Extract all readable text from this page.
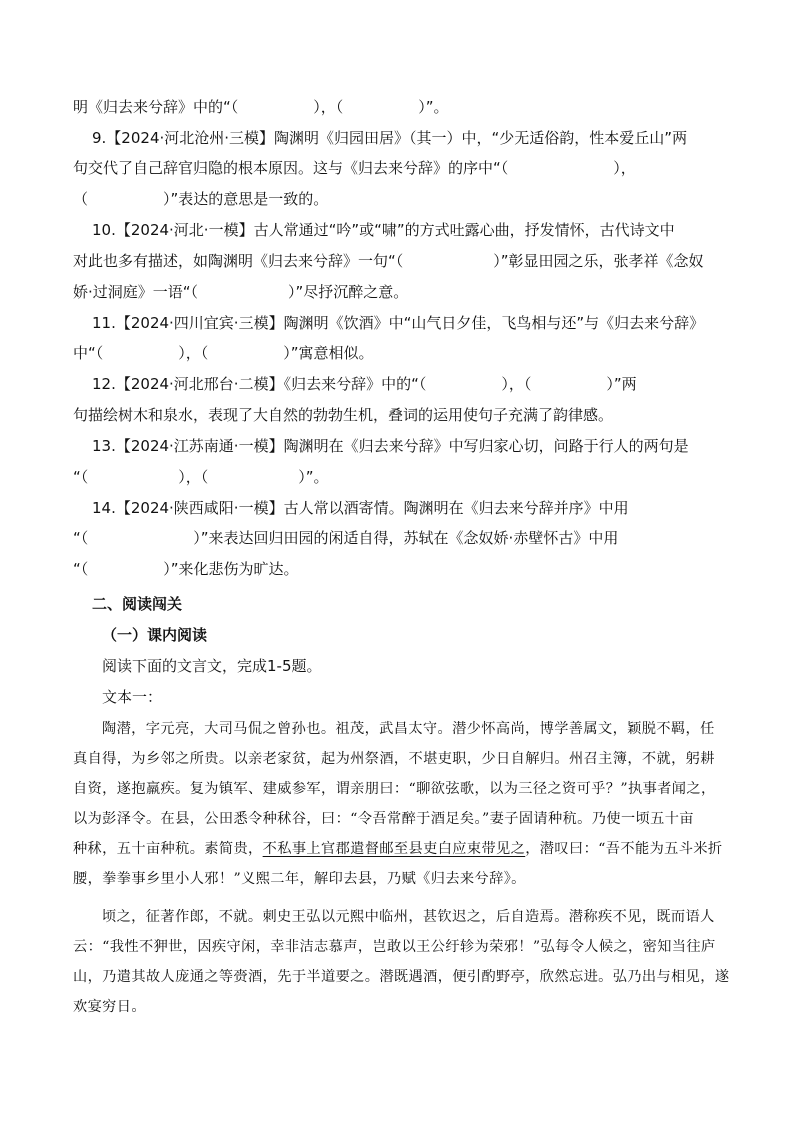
明《归去来兮辞》中的“（　　　　　），（　　　　　）”。
9.【2024·河北沧州·三模】陶渊明《归园田居》（其一）中，“少无适俗韵，性本爱丘山”两
句交代了自己辞官归隐的根本原因。这与《归去来兮辞》的序中“（　　　　　　　），
（　　　　　）”表达的意思是一致的。
10.【2024·河北·一模】古人常通过“吟”或“啸”的方式吐露心曲，抒发情怀，古代诗文中
对此也多有描述，如陶渊明《归去来兮辞》一句“（　　　　　　）”彰显田园之乐，张孝祥《念奴
娇·过洞庭》一语“（　　　　　　）”尽抒沉醉之意。
11.【2024·四川宜宾·三模】陶渊明《饮酒》中“山气日夕佳，飞鸟相与还”与《归去来兮辞》
中“（　　　　　），（　　　　　）”寓意相似。
12.【2024·河北邢台·二模】《归去来兮辞》中的“（　　　　　），（　　　　　）”两
句描绘树木和泉水，表现了大自然的勃勃生机，叠词的运用使句子充满了韵律感。
13.【2024·江苏南通·一模】陶渊明在《归去来兮辞》中写归家心切，问路于行人的两句是
“（　　　　　　），（　　　　　　）”。
14.【2024·陕西咸阳·一模】古人常以酒寄情。陶渊明在《归去来兮辞并序》中用
“（　　　　　　　）”来表达回归田园的闲适自得，苏轼在《念奴娇·赤壁怀古》中用
“（　　　　　）”来化悲伤为旷达。
二、阅读闯关
（一）课内阅读
阅读下面的文言文，完成1-5题。
文本一：
陶潜，字元亮，大司马侃之曾孙也。祖茂，武昌太守。潜少怀高尚，博学善属文，颖脱不羁，任
真自得，为乡邻之所贵。以亲老家贫，起为州祭酒，不堪吏职，少日自解归。州召主簿，不就，躬耕
自资，遂抱羸疾。复为镇军、建威参军，谓亲朋曰：“聊欲弦歌，以为三径之资可乎？”执事者闻之，
以为彭泽令。在县，公田悉令种秫谷，曰：“令吾常醉于酒足矣。”妻子固请种秔。乃使一顷五十亩
种秫，五十亩种秔。素简贵，不私事上官郡遣督邮至县吏白应束带见之，潜叹曰：“吾不能为五斗米折
腰，拳拳事乡里小人邪！”义熙二年，解印去县，乃赋《归去来兮辞》。
顷之，征著作郎，不就。刺史王弘以元熙中临州，甚钦迟之，后自造焉。潜称疾不见，既而语人
云：“我性不狎世，因疾守闲，幸非洁志慕声，岂敢以王公纡轸为荣邪！”弘每令人候之，密知当往庐
山，乃遣其故人庞通之等赍酒，先于半道要之。潜既遇酒，便引酌野亭，欣然忘进。弘乃出与相见，遂
欢宴穷日。
